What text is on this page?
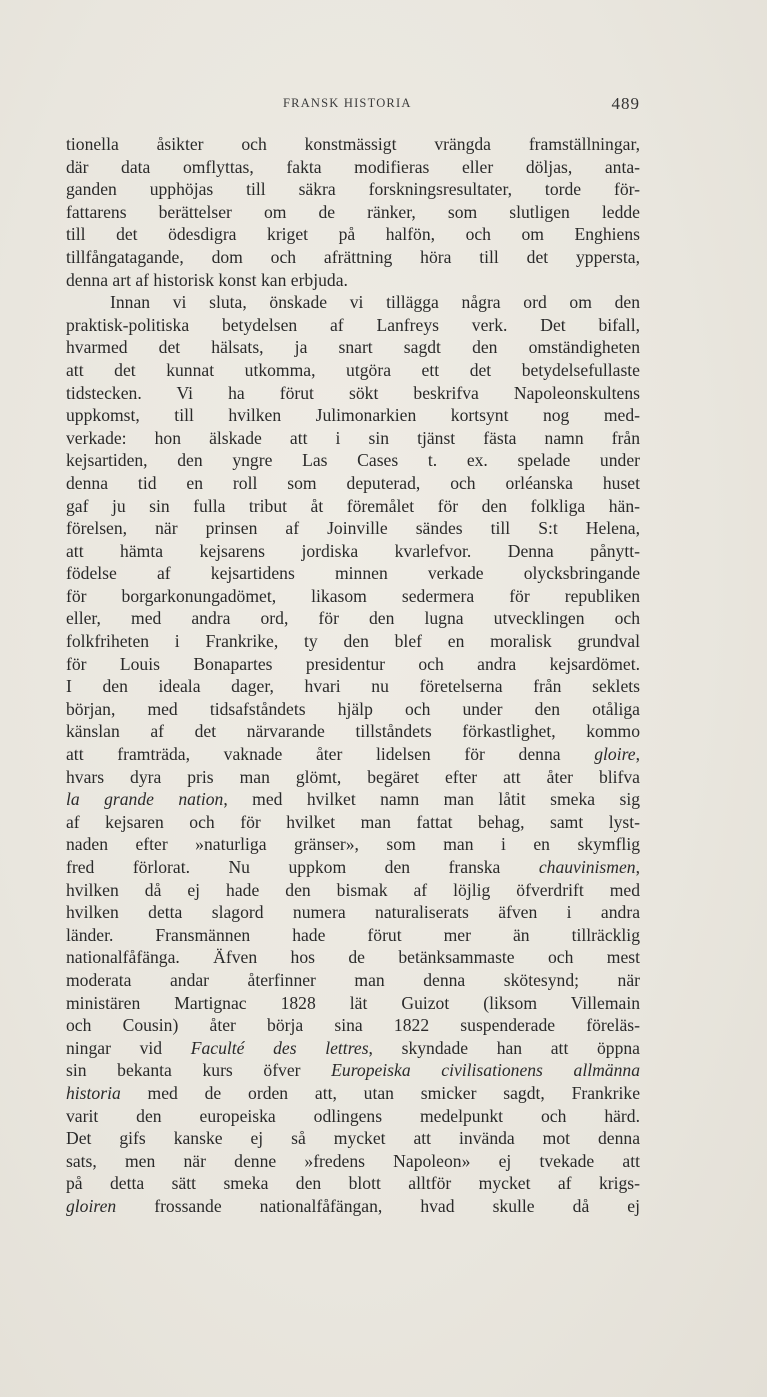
FRANSK HISTORIA	489
tionella åsikter och konstmässigt vrängda framställningar,
där data omflyttas, fakta modifieras eller döljas, anta-
ganden upphöjas till säkra forskningsresultater, torde för-
fattarens berättelser om de ränker, som slutligen ledde
till det ödesdigra kriget på halfön, och om Enghiens
tillfångatagande, dom och afrättning höra till det yppersta,
denna art af historisk konst kan erbjuda.
Innan vi sluta, önskade vi tillägga några ord om den
praktisk-politiska betydelsen af Lanfreys verk. Det bifall,
hvarmed det hälsats, ja snart sagdt den omständigheten
att det kunnat utkomma, utgöra ett det betydelsefullaste
tidstecken. Vi ha förut sökt beskrifva Napoleonskultens
uppkomst, till hvilken Julimonarkien kortsynt nog med-
verkade: hon älskade att i sin tjänst fästa namn från
kejsartiden, den yngre Las Cases t. ex. spelade under
denna tid en roll som deputerad, och orléanska huset
gaf ju sin fulla tribut åt föremålet för den folkliga hän-
förelsen, när prinsen af Joinville sändes till S:t Helena,
att hämta kejsarens jordiska kvarlefvor. Denna pånytt-
födelse af kejsartidens minnen verkade olycksbringande
för borgarkonungadömet, likasom sedermera för republiken
eller, med andra ord, för den lugna utvecklingen och
folkfriheten i Frankrike, ty den blef en moralisk grundval
för Louis Bonapartes presidentur och andra kejsardömet.
I den ideala dager, hvari nu företelserna från seklets
början, med tidsafståndets hjälp och under den otåliga
känslan af det närvarande tillståndets förkastlighet, kommo
att framträda, vaknade åter lidelsen för denna gloire,
hvars dyra pris man glömt, begäret efter att åter blifva
la grande nation, med hvilket namn man låtit smeka sig
af kejsaren och för hvilket man fattat behag, samt lyst-
naden efter »naturliga gränser», som man i en skymflig
fred förlorat. Nu uppkom den franska chauvinismen,
hvilken då ej hade den bismak af löjlig öfverdrift med
hvilken detta slagord numera naturaliserats äfven i andra
länder. Fransmännen hade förut mer än tillräcklig
nationalfåfänga. Äfven hos de betänksammaste och mest
moderata andar återfinner man denna skötesynd; när
ministären Martignac 1828 lät Guizot (liksom Villemain
och Cousin) åter börja sina 1822 suspenderade föreläs-
ningar vid Faculté des lettres, skyndade han att öppna
sin bekanta kurs öfver Europeiska civilisationens allmänna
historia med de orden att, utan smicker sagdt, Frankrike
varit den europeiska odlingens medelpunkt och härd.
Det gifs kanske ej så mycket att invända mot denna
sats, men när denne »fredens Napoleon» ej tvekade att
på detta sätt smeka den blott alltför mycket af krigs-
gloiren frossande nationalfåfängan, hvad skulle då ej
